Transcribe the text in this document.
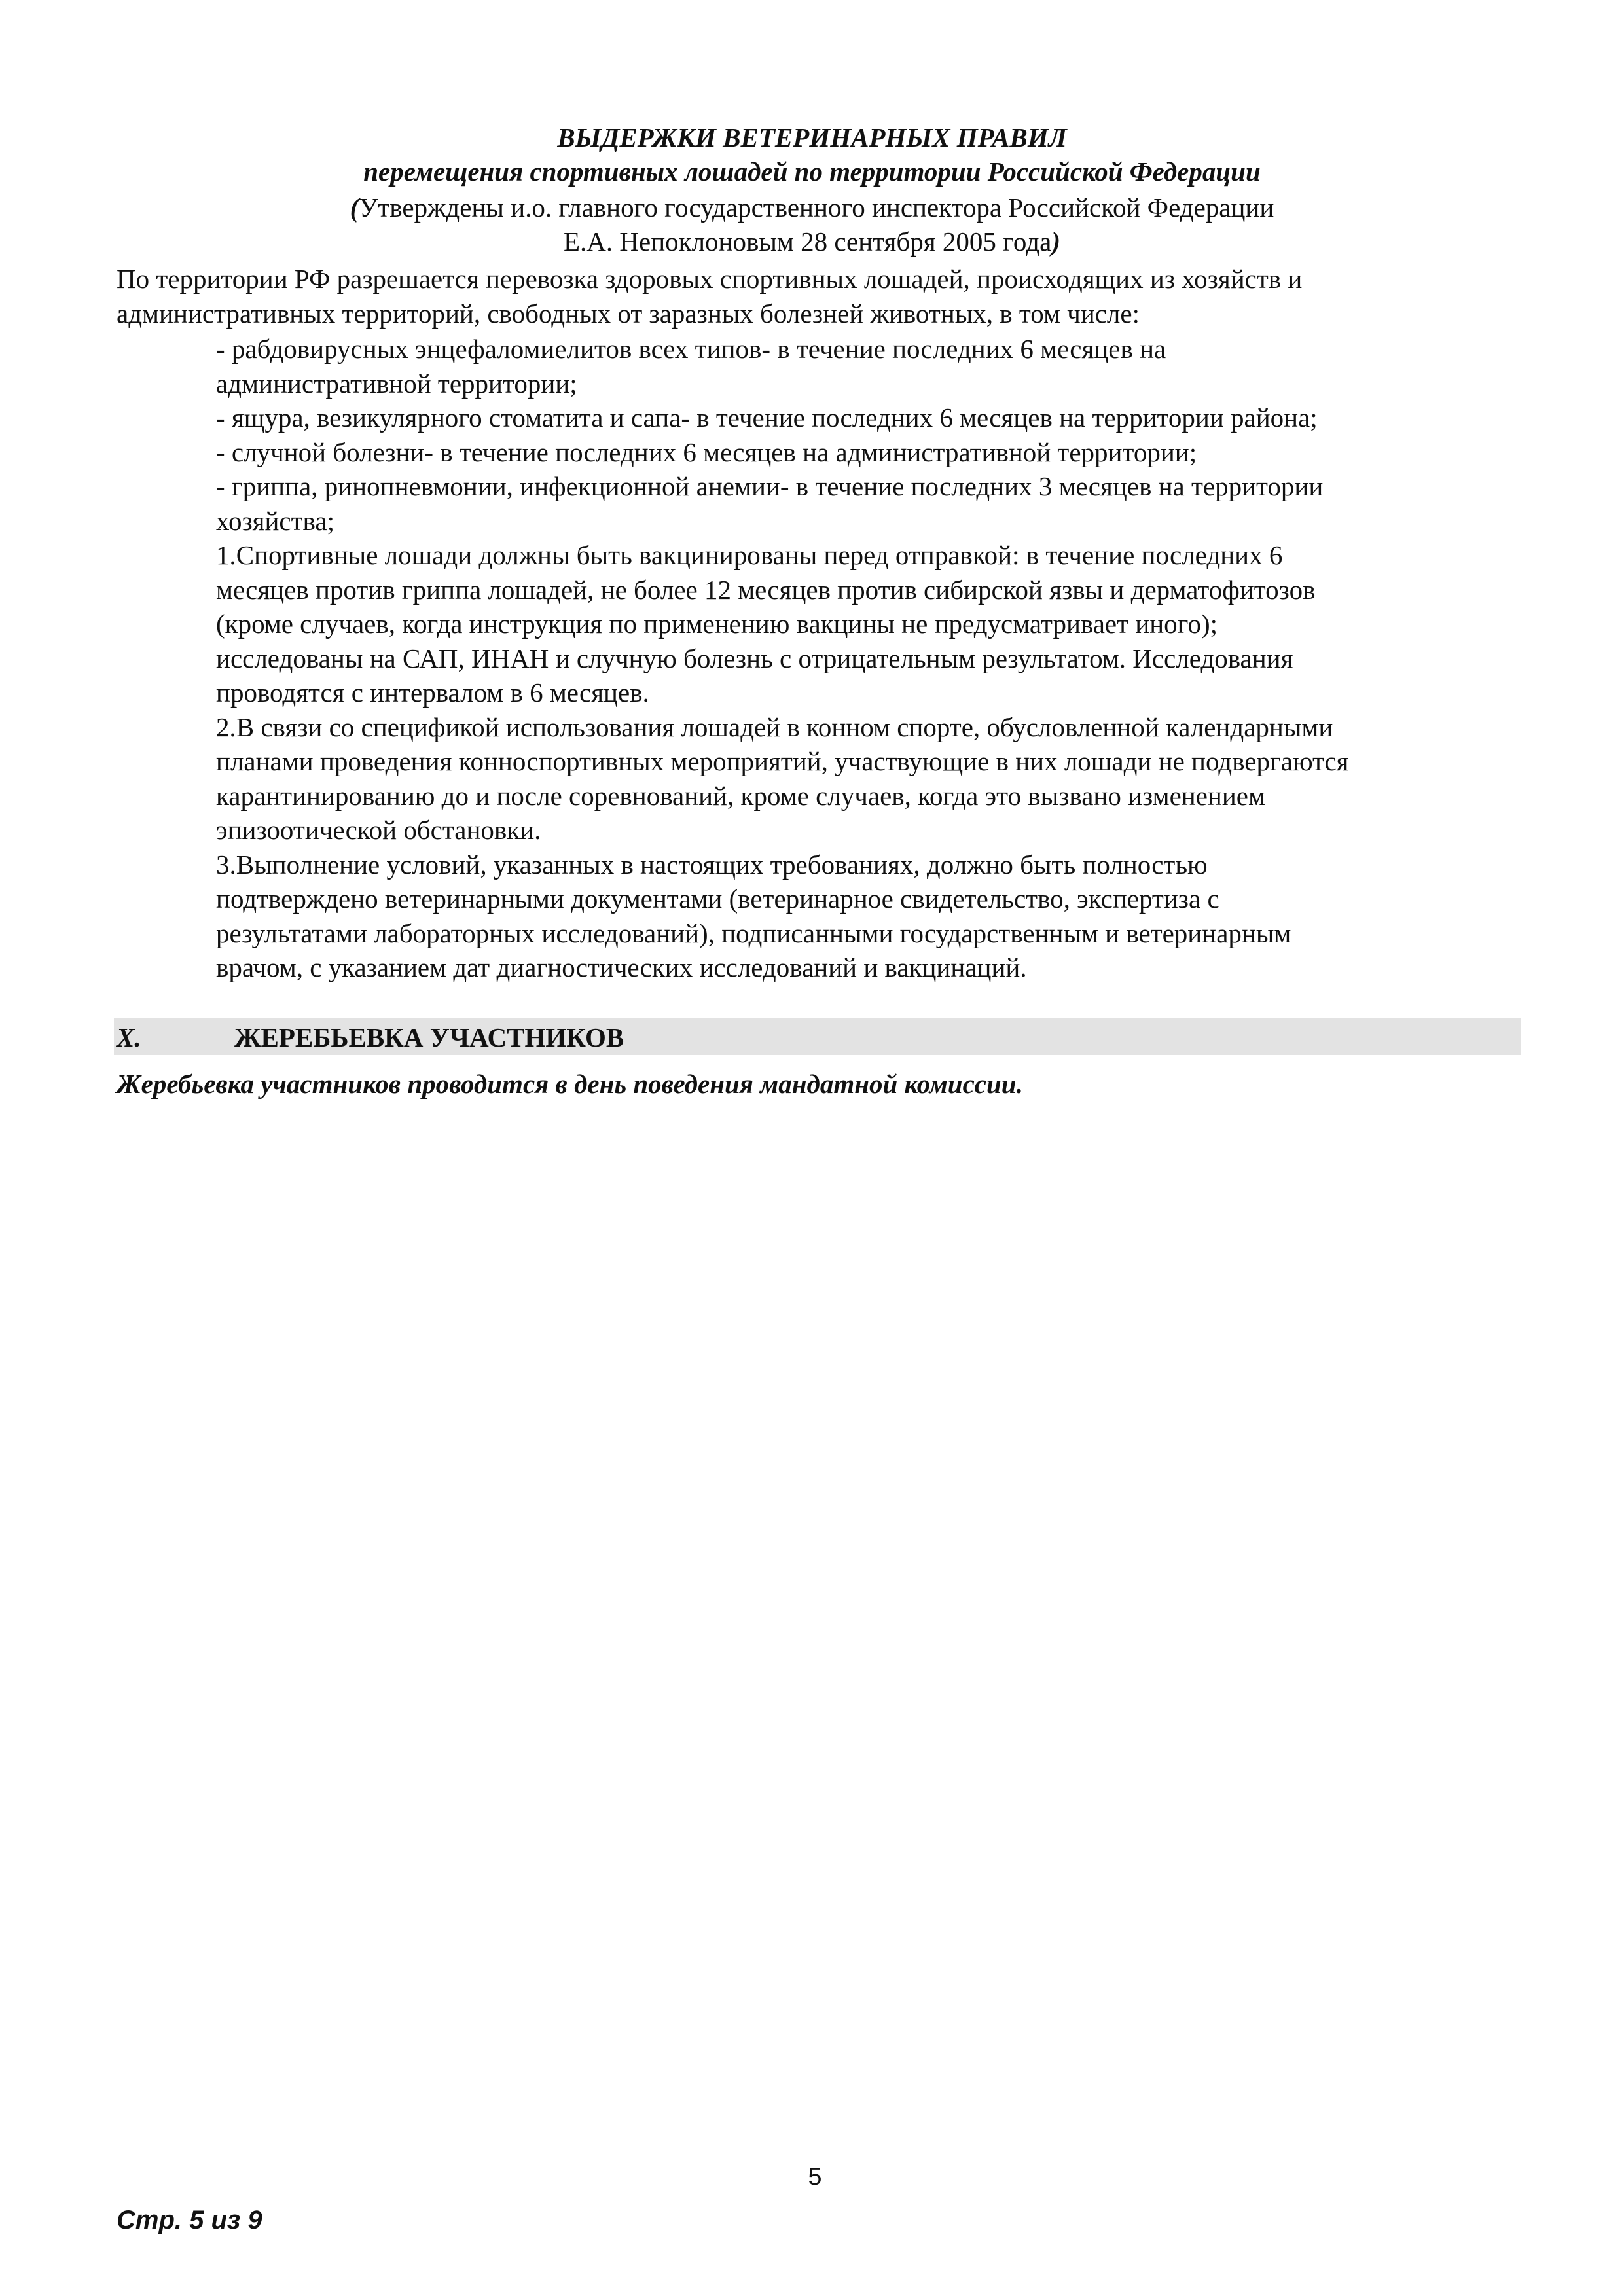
ВЫДЕРЖКИ ВЕТЕРИНАРНЫХ ПРАВИЛ
перемещения спортивных лошадей по территории Российской Федерации
(Утверждены и.о. главного государственного инспектора Российской Федерации
Е.А. Непоклоновым 28 сентября 2005 года)
По территории РФ разрешается перевозка здоровых спортивных лошадей, происходящих из хозяйств и
административных территорий, свободных от заразных болезней животных, в том числе:
- рабдовирусных энцефаломиелитов всех типов- в течение последних 6 месяцев на
административной территории;
- ящура, везикулярного стоматита и сапа- в течение последних 6 месяцев на территории района;
- случной болезни- в течение последних 6 месяцев на административной территории;
- гриппа, ринопневмонии, инфекционной анемии- в течение последних 3 месяцев на территории
хозяйства;
1.Спортивные лошади должны быть вакцинированы перед отправкой: в течение последних 6
месяцев против гриппа лошадей, не более 12 месяцев против сибирской язвы и дерматофитозов
(кроме случаев, когда инструкция по применению вакцины не предусматривает иного);
исследованы на САП, ИНАН и случную болезнь с отрицательным результатом. Исследования
проводятся с интервалом в 6 месяцев.
2.В связи со спецификой использования лошадей в конном спорте, обусловленной календарными
планами проведения конноспортивных мероприятий, участвующие в них лошади не подвергаются
карантинированию до и после соревнований, кроме случаев, когда это вызвано изменением
эпизоотической обстановки.
3.Выполнение условий, указанных в настоящих требованиях, должно быть полностью
подтверждено ветеринарными документами (ветеринарное свидетельство, экспертиза с
результатами лабораторных исследований), подписанными государственным и ветеринарным
врачом, с указанием дат диагностических исследований и вакцинаций.
X.	ЖЕРЕБЬЕВКА УЧАСТНИКОВ
Жеребьевка участников проводится в день поведения мандатной комиссии.
5
Стр. 5 из 9
